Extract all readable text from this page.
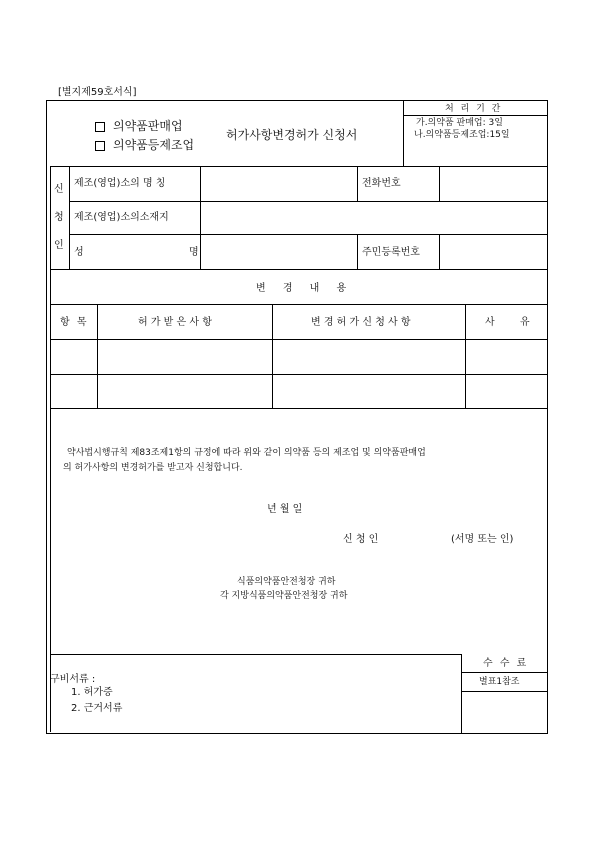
[별지제59호서식]
의약품판매업
의약품등제조업
허가사항변경허가 신청서
처 리 기 간
가.의약품 판매업: 3일
나.의약품등제조업:15일
신
청
인
제조(영업)소의 명 칭	전화번호
제조(영업)소의소재지
성	명	주민등록번호
변 경 내 용
항 목	허 가 받 은 사 항	변 경 허 가 신 청 사 항	사	유
약사법시행규칙 제83조제1항의 규정에 따라 위와 같이 의약품 등의 제조업 및 의약품판매업
의 허가사항의 변경허가를 받고자 신청합니다.
년 월 일
신 청 인	(서명 또는 인)
식품의약품안전청장 귀하
각 지방식품의약품안전청장 귀하
구비서류 :
1. 허가증
2. 근거서류
수 수 료
별표1참조
